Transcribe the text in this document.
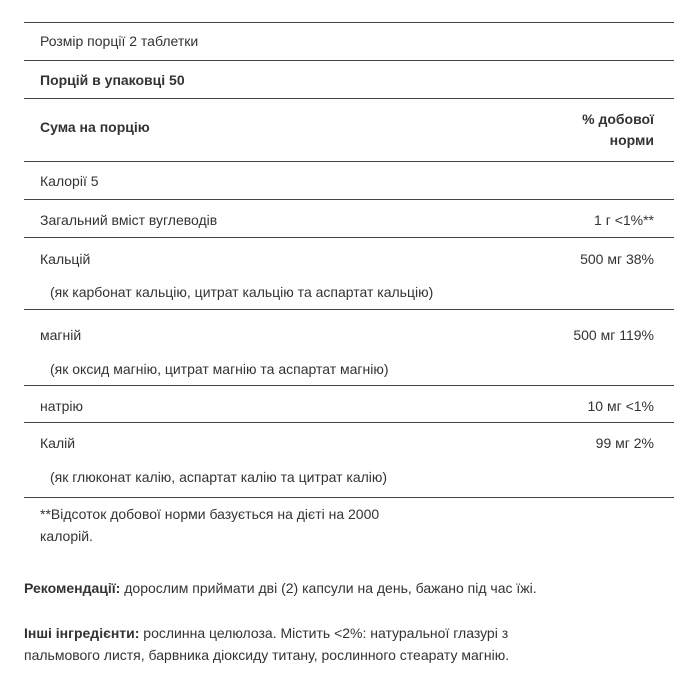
Розмір порції 2 таблетки
Порцій в упаковці 50
Сума на порцію	% добової
норми
Калорії 5
Загальний вміст вуглеводів	1 г <1%**
Кальцій	500 мг 38%
(як карбонат кальцію, цитрат кальцію та аспартат кальцію)
магній	500 мг 119%
(як оксид магнію, цитрат магнію та аспартат магнію)
натрію	10 мг <1%
Калій	99 мг 2%
(як глюконат калію, аспартат калію та цитрат калію)
**Відсоток добової норми базується на дієті на 2000
калорій.
Рекомендації: дорослим приймати дві (2) капсули на день, бажано під час їжі.
Інші інгредієнти: рослинна целюлоза. Містить <2%: натуральної глазурі з
пальмового листя, барвника діоксиду титану, рослинного стеарату магнію.
